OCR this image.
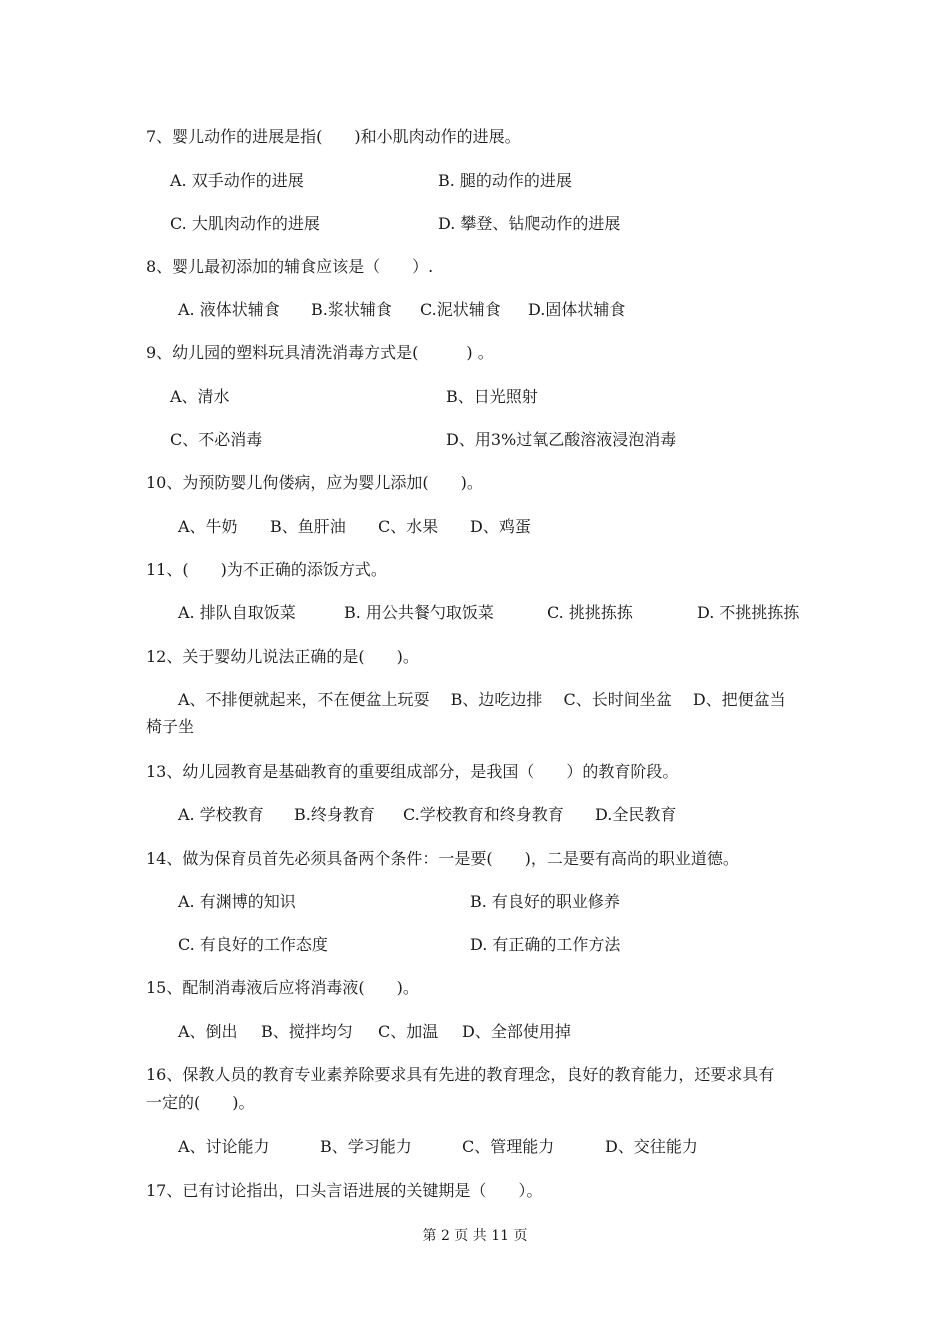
7、婴儿动作的进展是指(　　)和小肌肉动作的进展。
A. 双手动作的进展	B. 腿的动作的进展
C. 大肌肉动作的进展	D. 攀登、钻爬动作的进展
8、婴儿最初添加的辅食应该是（　　）.
A. 液体状辅食 B.浆状辅食 C.泥状辅食 D.固体状辅食
9、幼儿园的塑料玩具清洗消毒方式是(　　　) 。
A、清水	B、日光照射
C、不必消毒	D、用3%过氧乙酸溶液浸泡消毒
10、为预防婴儿佝偻病，应为婴儿添加(　　)。
A、牛奶 B、鱼肝油 C、水果 D、鸡蛋
11、(　　)为不正确的添饭方式。
A. 排队自取饭菜	B. 用公共餐勺取饭菜	C. 挑挑拣拣	D. 不挑挑拣拣
12、关于婴幼儿说法正确的是(　　)。
A、不排便就起来，不在便盆上玩耍　 B、边吃边排　 C、长时间坐盆　 D、把便盆当
椅子坐
13、幼儿园教育是基础教育的重要组成部分，是我国（　　）的教育阶段。
A. 学校教育 B.终身教育 C.学校教育和终身教育 D.全民教育
14、做为保育员首先必须具备两个条件：一是要(　　)，二是要有高尚的职业道德。
A. 有渊博的知识	B. 有良好的职业修养
C. 有良好的工作态度	D. 有正确的工作方法
15、配制消毒液后应将消毒液(　　)。
A、倒出 B、搅拌均匀 C、加温 D、全部使用掉
16、保教人员的教育专业素养除要求具有先进的教育理念，良好的教育能力，还要求具有
一定的(　　)。
A、讨论能力	B、学习能力	C、管理能力	D、交往能力
17、已有讨论指出，口头言语进展的关键期是（　　）。
第 2 页 共 11 页
